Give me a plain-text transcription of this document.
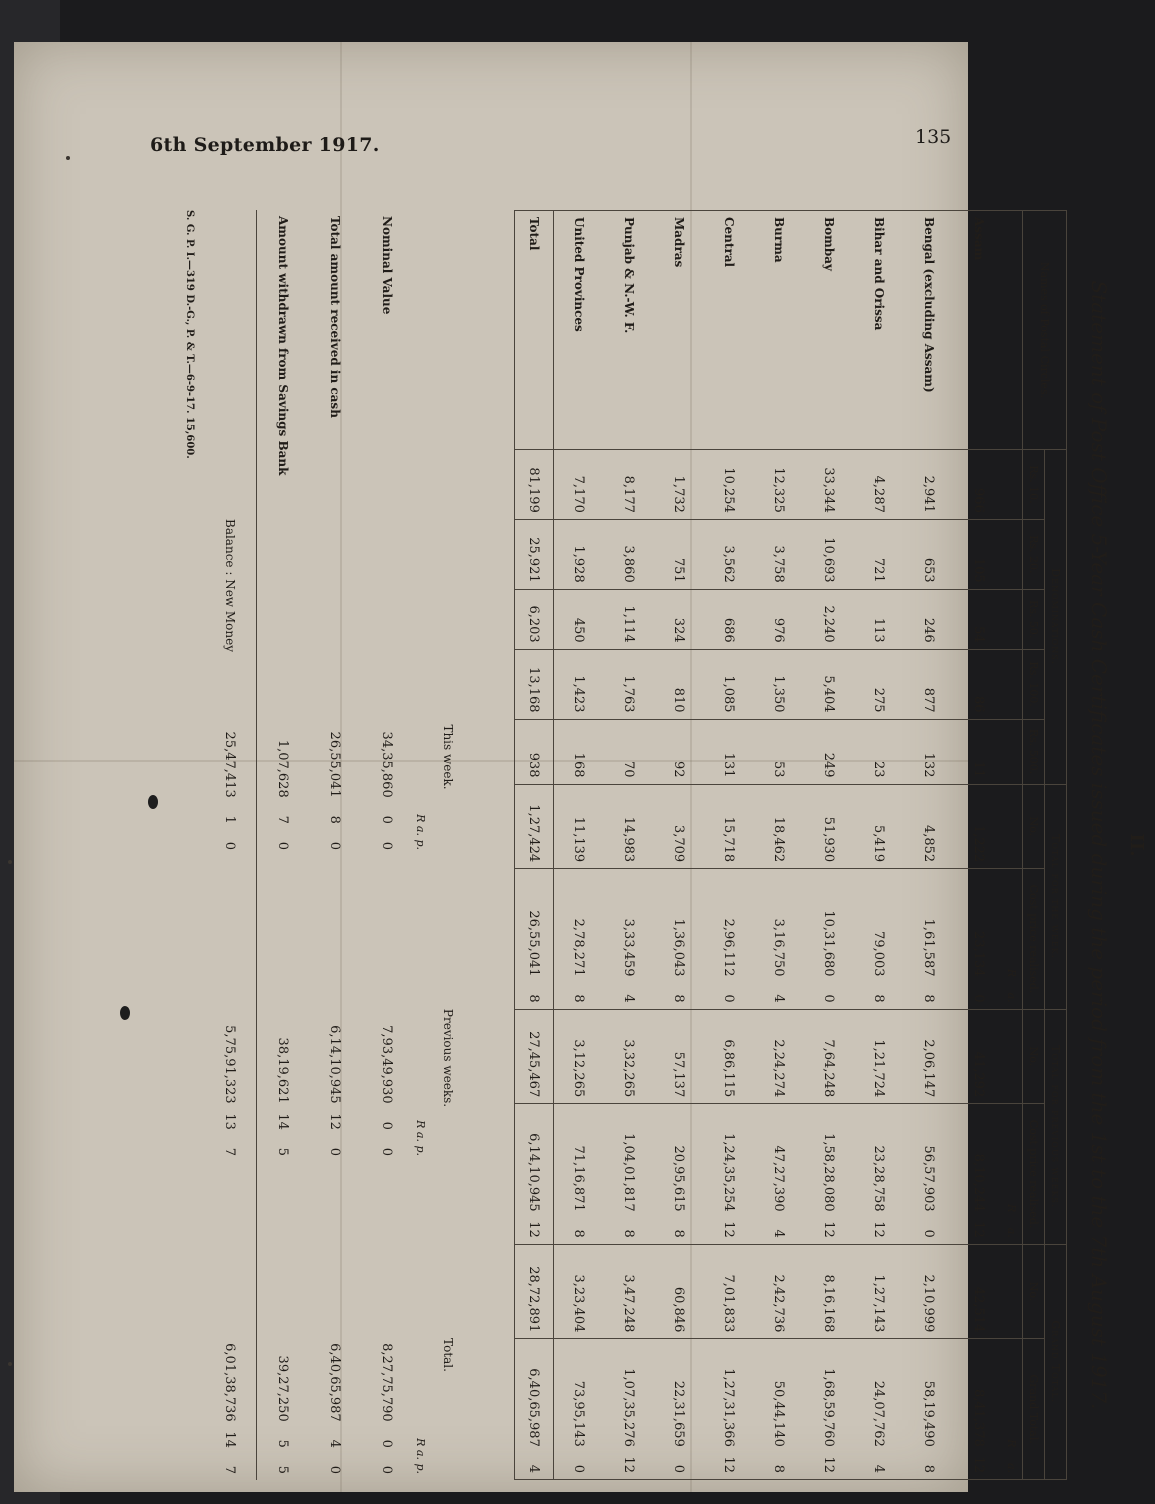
6th September 1917.	135
II.
Statement of Post Office 5-Year Cash Certificates issued during the period from the 1st to the 7th August 1917.
Names of Postal Circles.	Denominations.					Total for the week.		Total for previous weeks.		Grand Total.	
	Rs. 10.	Rs. 20.	Rs. 50.	Rs. 100.	Rs. 500.	No.	Cost price realised.	No.	Cost price realised.	No.	Grand Total.
							R a.		R a.		R a.
Assam	966	105	54	86	11	1,222	23,134 0	41,292	8,10,244 12	42,514	8,41,378 12
Bengal (excluding Assam)	2,941	653	246	877	132	4,852	1,61,587 8	2,06,147	56,57,903 0	2,10,999	58,19,490 8
Bihar and Orissa	4,287	721	113	275	23	5,419	79,003 8	1,21,724	23,28,758 12	1,27,143	24,07,762 4
Bombay	33,344	10,693	2,240	5,404	249	51,930	10,31,680 0	7,64,248	1,58,28,080 12	8,16,168	1,68,59,760 12
Burma	12,325	3,758	976	1,350	53	18,462	3,16,750 4	2,24,274	47,27,390 4	2,42,736	50,44,140 8
Central	10,254	3,562	686	1,085	131	15,718	2,96,112 0	6,86,115	1,24,35,254 12	7,01,833	1,27,31,366 12
Madras	1,732	751	324	810	92	3,709	1,36,043 8	57,137	20,95,615 8	60,846	22,31,659 0
Punjab & N.-W. F.	8,177	3,860	1,114	1,763	70	14,983	3,33,459 4	3,32,265	1,04,01,817 8	3,47,248	1,07,35,276 12
United Provinces	7,170	1,928	450	1,423	168	11,139	2,78,271 8	3,12,265	71,16,871 8	3,23,404	73,95,143 0
Total	81,199	25,921	6,203	13,168	938	1,27,424	26,55,041 8	27,45,467	6,14,10,945 12	28,72,891	6,40,65,987 4
	This week.		Previous weeks.		Total.
	R a. p.		R a. p.		R a. p.
Nominal Value	34,35,860 0 0		7,93,49,930 0 0		8,27,75,790 0 0
Total amount received in cash	26,55,041 8 0		6,14,10,945 12 0		6,40,65,987 4 0
Amount withdrawn from Savings Bank	1,07,628 7 0		38,19,621 14 5		39,27,250 5 5
Balance : New Money	25,47,413 1 0		5,75,91,323 13 7		6,01,38,736 14 7
S. G. P. I.—319 D.-G., P. & T.—6-9-17. 15,600.
